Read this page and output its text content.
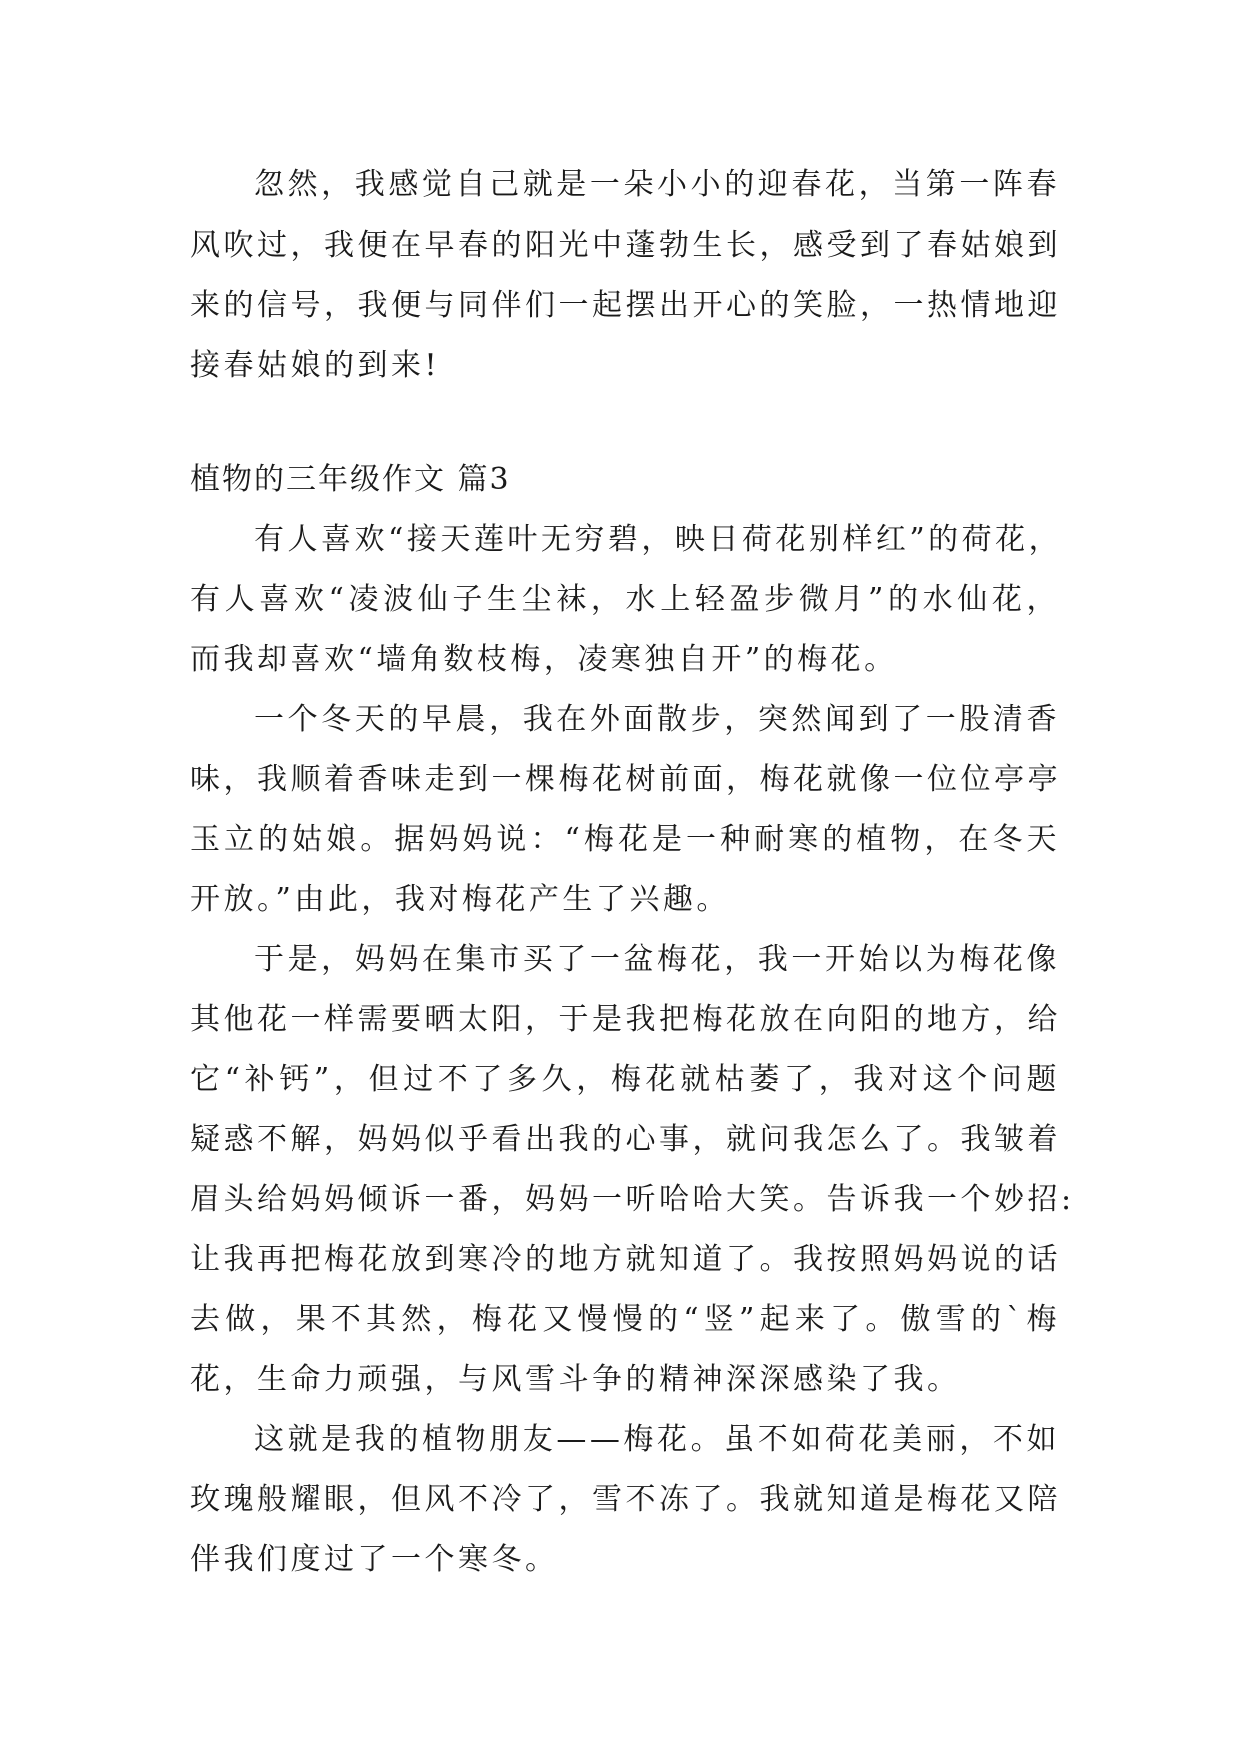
忽然，我感觉自己就是一朵小小的迎春花，当第一阵春
风吹过，我便在早春的阳光中蓬勃生长，感受到了春姑娘到
来的信号，我便与同伴们一起摆出开心的笑脸，一热情地迎
接春姑娘的到来!
植物的三年级作文 篇3
有人喜欢“接天莲叶无穷碧，映日荷花别样红”的荷花，
有人喜欢“凌波仙子生尘袜，水上轻盈步微月”的水仙花，
而我却喜欢“墙角数枝梅，凌寒独自开”的梅花。
一个冬天的早晨，我在外面散步，突然闻到了一股清香
味，我顺着香味走到一棵梅花树前面，梅花就像一位位亭亭
玉立的姑娘。据妈妈说：“梅花是一种耐寒的植物，在冬天
开放。”由此，我对梅花产生了兴趣。
于是，妈妈在集市买了一盆梅花，我一开始以为梅花像
其他花一样需要晒太阳，于是我把梅花放在向阳的地方，给
它“补钙”，但过不了多久，梅花就枯萎了，我对这个问题
疑惑不解，妈妈似乎看出我的心事，就问我怎么了。我皱着
眉头给妈妈倾诉一番，妈妈一听哈哈大笑。告诉我一个妙招:
让我再把梅花放到寒冷的地方就知道了。我按照妈妈说的话
去做，果不其然，梅花又慢慢的“竖”起来了。傲雪的`梅
花，生命力顽强，与风雪斗争的精神深深感染了我。
这就是我的植物朋友——梅花。虽不如荷花美丽，不如
玫瑰般耀眼，但风不冷了，雪不冻了。我就知道是梅花又陪
伴我们度过了一个寒冬。
